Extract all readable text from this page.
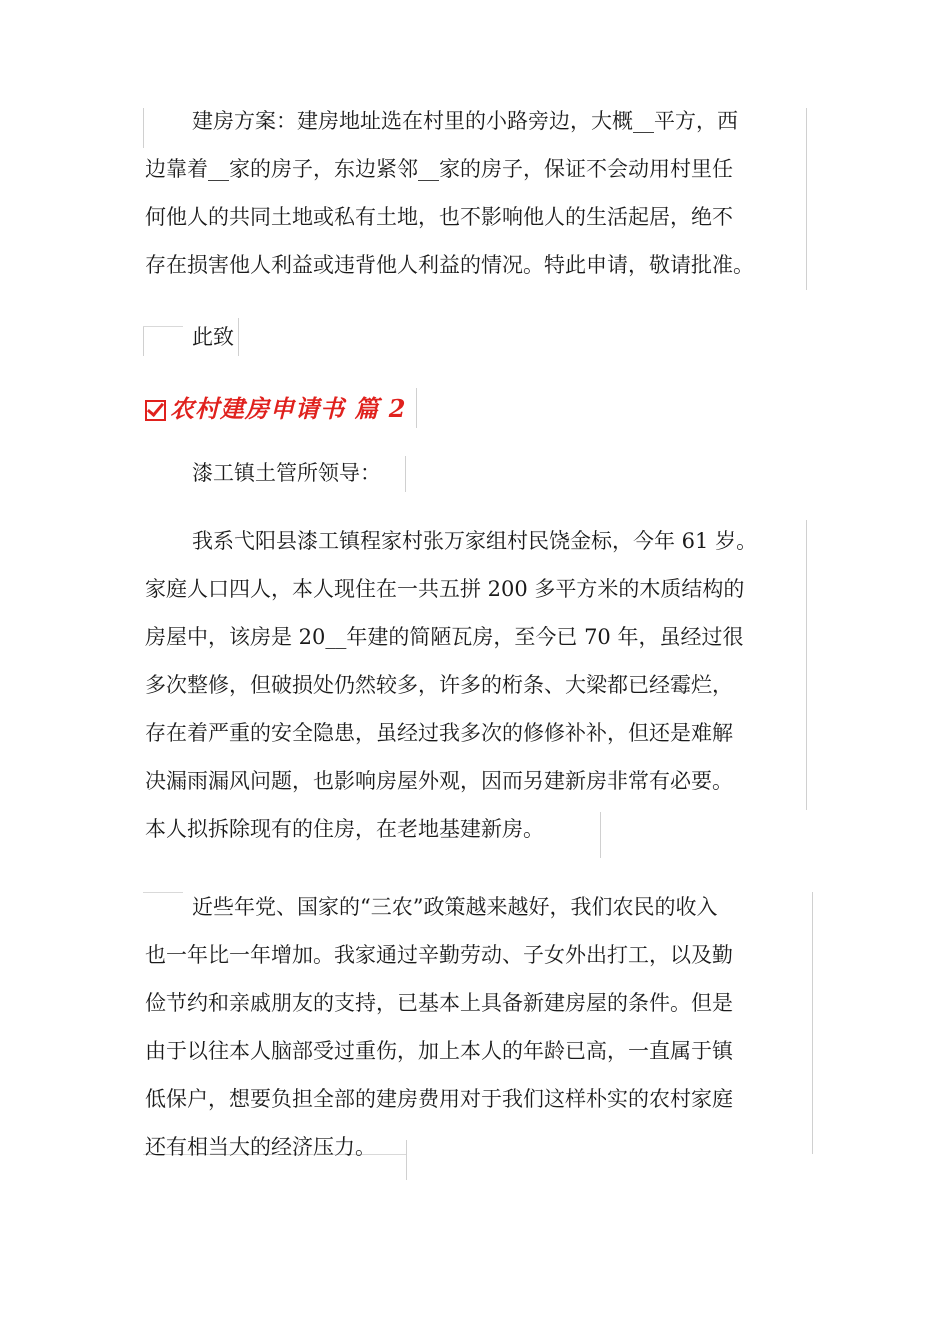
建房方案：建房地址选在村里的小路旁边，大概__平方，西
边靠着__家的房子，东边紧邻__家的房子，保证不会动用村里任
何他人的共同土地或私有土地，也不影响他人的生活起居，绝不
存在损害他人利益或违背他人利益的情况。特此申请，敬请批准。
此致
农村建房申请书 篇 2
漆工镇土管所领导：
我系弋阳县漆工镇程家村张万家组村民饶金标，今年 61 岁。
家庭人口四人，本人现住在一共五拼 200 多平方米的木质结构的
房屋中，该房是 20__年建的简陋瓦房，至今已 70 年，虽经过很
多次整修，但破损处仍然较多，许多的桁条、大梁都已经霉烂，
存在着严重的安全隐患，虽经过我多次的修修补补，但还是难解
决漏雨漏风问题，也影响房屋外观，因而另建新房非常有必要。
本人拟拆除现有的住房，在老地基建新房。
近些年党、国家的“三农”政策越来越好，我们农民的收入
也一年比一年增加。我家通过辛勤劳动、子女外出打工，以及勤
俭节约和亲戚朋友的支持，已基本上具备新建房屋的条件。但是
由于以往本人脑部受过重伤，加上本人的年龄已高，一直属于镇
低保户，想要负担全部的建房费用对于我们这样朴实的农村家庭
还有相当大的经济压力。
